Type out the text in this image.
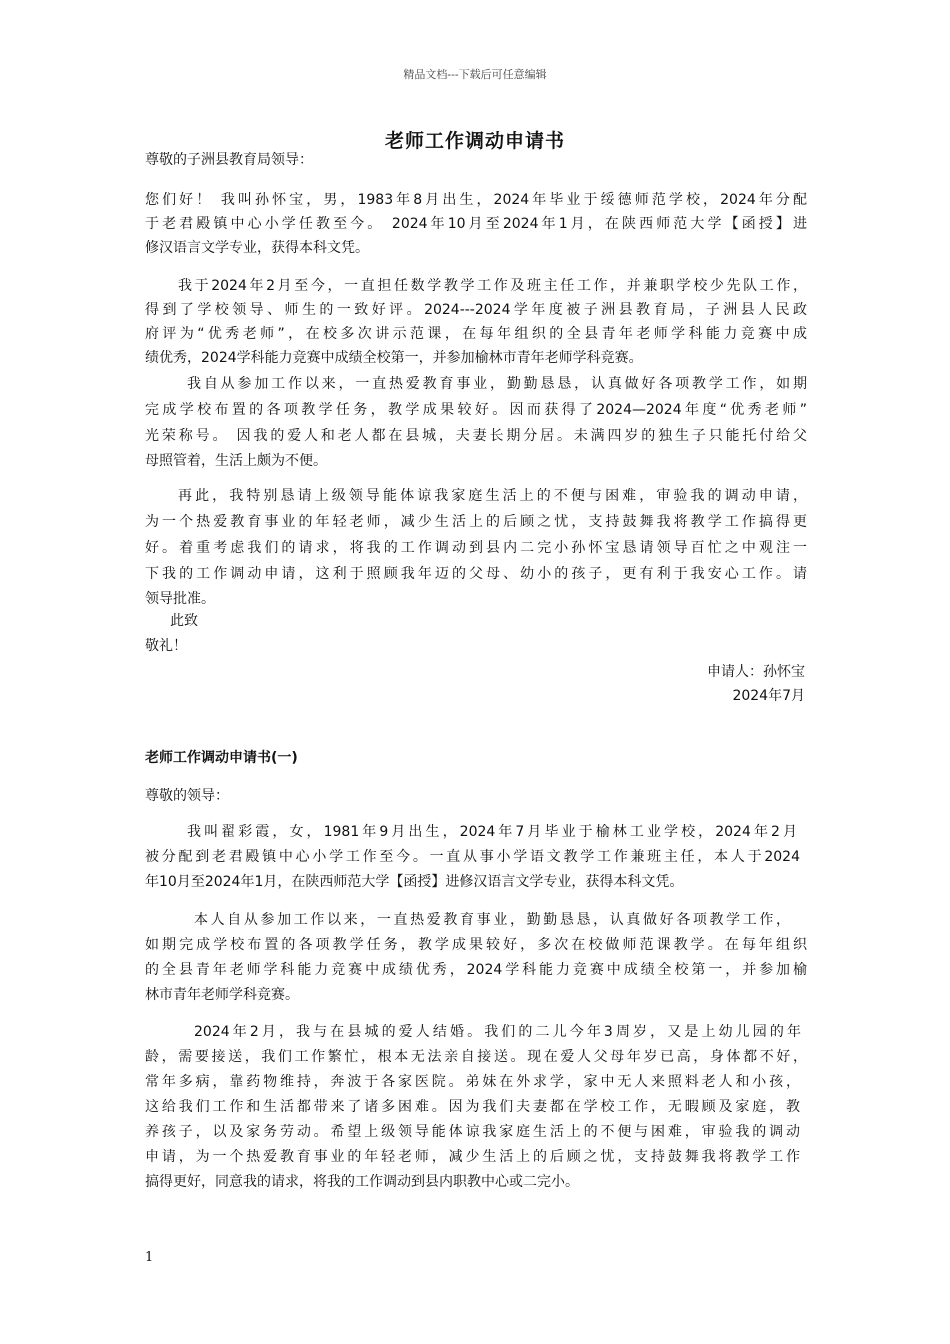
精品文档---下载后可任意编辑
老师工作调动申请书
尊敬的子洲县教育局领导：
您们好！ 我叫孙怀宝，男，1983年8月出生，2024年毕业于绥德师范学校，2024年分配
于老君殿镇中心小学任教至今。 2024年10月至2024年1月，在陕西师范大学【函授】进
修汉语言文学专业，获得本科文凭。
我于2024年2月至今，一直担任数学教学工作及班主任工作，并兼职学校少先队工作，
得到了学校领导、师生的一致好评。2024---2024学年度被子洲县教育局，子洲县人民政
府评为“优秀老师”，在校多次讲示范课，在每年组织的全县青年老师学科能力竞赛中成
绩优秀，2024学科能力竞赛中成绩全校第一，并参加榆林市青年老师学科竞赛。
我自从参加工作以来，一直热爱教育事业，勤勤恳恳，认真做好各项教学工作，如期
完成学校布置的各项教学任务，教学成果较好。因而获得了2024—2024年度“优秀老师”
光荣称号。 因我的爱人和老人都在县城，夫妻长期分居。未满四岁的独生子只能托付给父
母照管着，生活上颇为不便。
再此，我特别恳请上级领导能体谅我家庭生活上的不便与困难，审验我的调动申请，
为一个热爱教育事业的年轻老师，减少生活上的后顾之忧，支持鼓舞我将教学工作搞得更
好。着重考虑我们的请求，将我的工作调动到县内二完小孙怀宝恳请领导百忙之中观注一
下我的工作调动申请，这利于照顾我年迈的父母、幼小的孩子，更有利于我安心工作。请
领导批准。
此致
敬礼！
申请人：孙怀宝
2024年7月
老师工作调动申请书(一)
尊敬的领导：
我叫翟彩霞，女，1981年9月出生，2024年7月毕业于榆林工业学校，2024年2月
被分配到老君殿镇中心小学工作至今。一直从事小学语文教学工作兼班主任，本人于2024
年10月至2024年1月，在陕西师范大学【函授】进修汉语言文学专业，获得本科文凭。
本人自从参加工作以来，一直热爱教育事业，勤勤恳恳，认真做好各项教学工作，
如期完成学校布置的各项教学任务，教学成果较好，多次在校做师范课教学。在每年组织
的全县青年老师学科能力竞赛中成绩优秀，2024学科能力竞赛中成绩全校第一，并参加榆
林市青年老师学科竞赛。
2024年2月，我与在县城的爱人结婚。我们的二儿今年3周岁，又是上幼儿园的年
龄，需要接送，我们工作繁忙，根本无法亲自接送。现在爱人父母年岁已高，身体都不好，
常年多病，靠药物维持，奔波于各家医院。弟妹在外求学，家中无人来照料老人和小孩，
这给我们工作和生活都带来了诸多困难。因为我们夫妻都在学校工作，无暇顾及家庭，教
养孩子，以及家务劳动。希望上级领导能体谅我家庭生活上的不便与困难，审验我的调动
申请，为一个热爱教育事业的年轻老师，减少生活上的后顾之忧，支持鼓舞我将教学工作
搞得更好，同意我的请求，将我的工作调动到县内职教中心或二完小。
1
